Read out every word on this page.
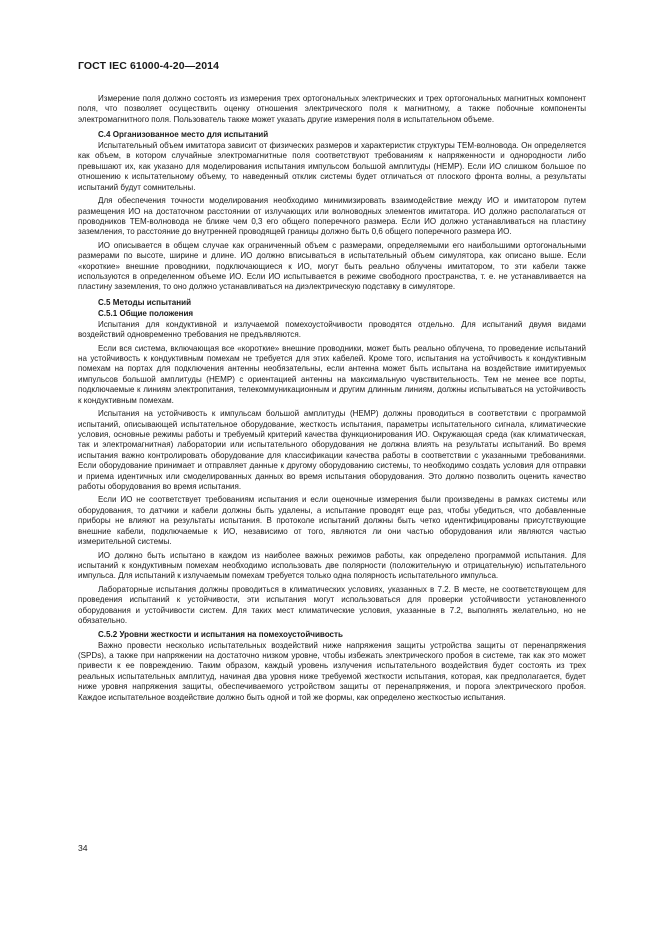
ГОСТ IEC 61000-4-20—2014

Измерение поля должно состоять из измерения трех ортогональных электрических и трех ортогональных магнитных компонент поля, что позволяет осуществить оценку отношения электрического поля к магнитному, а также побочные компоненты электромагнитного поля. Пользователь также может указать другие измерения поля в испытательном объеме.

С.4 Организованное место для испытаний

Испытательный объем имитатора зависит от физических размеров и характеристик структуры ТЕМ-волновода. Он определяется как объем, в котором случайные электромагнитные поля соответствуют требованиям к напряженности и однородности либо превышают их, как указано для моделирования испытания импульсом большой амплитуды (HEMP). Если ИО слишком большое по отношению к испытательному объему, то наведенный отклик системы будет отличаться от плоского фронта волны, а результаты испытаний будут сомнительны.

Для обеспечения точности моделирования необходимо минимизировать взаимодействие между ИО и имитатором путем размещения ИО на достаточном расстоянии от излучающих или волноводных элементов имитатора. ИО должно располагаться от проводников ТЕМ-волновода не ближе чем 0,3 его общего поперечного размера. Если ИО должно устанавливаться на пластину заземления, то расстояние до внутренней проводящей границы должно быть 0,6 общего поперечного размера ИО.

ИО описывается в общем случае как ограниченный объем с размерами, определяемыми его наибольшими ортогональными размерами по высоте, ширине и длине. ИО должно вписываться в испытательный объем симулятора, как описано выше. Если «короткие» внешние проводники, подключающиеся к ИО, могут быть реально облучены имитатором, то эти кабели также используются в определенном объеме ИО. Если ИО испытывается в режиме свободного пространства, т. е. не устанавливается на пластину заземления, то оно должно устанавливаться на диэлектрическую подставку в симуляторе.

С.5 Методы испытаний
С.5.1 Общие положения

Испытания для кондуктивной и излучаемой помехоустойчивости проводятся отдельно. Для испытаний двумя видами воздействий одновременно требования не предъявляются.

Если вся система, включающая все «короткие» внешние проводники, может быть реально облучена, то проведение испытаний на устойчивость к кондуктивным помехам не требуется для этих кабелей. Кроме того, испытания на устойчивость к кондуктивным помехам на портах для подключения антенны необязательны, если антенна может быть испытана на воздействие имитируемых импульсов большой амплитуды (HEMP) с ориентацией антенны на максимальную чувствительность. Тем не менее все порты, подключаемые к линиям электропитания, телекоммуникационным и другим длинным линиям, должны испытываться на устойчивость к кондуктивным помехам.

Испытания на устойчивость к импульсам большой амплитуды (HEMP) должны проводиться в соответствии с программой испытаний, описывающей испытательное оборудование, жесткость испытания, параметры испытательного сигнала, климатические условия, основные режимы работы и требуемый критерий качества функционирования ИО. Окружающая среда (как климатическая, так и электромагнитная) лаборатории или испытательного оборудования не должна влиять на результаты испытаний. Во время испытания важно контролировать оборудование для классификации качества работы в соответствии с указанными требованиями. Если оборудование принимает и отправляет данные к другому оборудованию системы, то необходимо создать условия для отправки и приема идентичных или смоделированных данных во время испытания оборудования. Это должно позволить оценить качество работы оборудования во время испытания.

Если ИО не соответствует требованиям испытания и если оценочные измерения были произведены в рамках системы или оборудования, то датчики и кабели должны быть удалены, а испытание проводят еще раз, чтобы убедиться, что добавленные приборы не влияют на результаты испытания. В протоколе испытаний должны быть четко идентифицированы присутствующие внешние кабели, подключаемые к ИО, независимо от того, являются ли они частью оборудования или являются частью измерительной системы.

ИО должно быть испытано в каждом из наиболее важных режимов работы, как определено программой испытания. Для испытаний к кондуктивным помехам необходимо использовать две полярности (положительную и отрицательную) испытательного импульса. Для испытаний к излучаемым помехам требуется только одна полярность испытательного импульса.

Лабораторные испытания должны проводиться в климатических условиях, указанных в 7.2. В месте, не соответствующем для проведения испытаний к устойчивости, эти испытания могут использоваться для проверки устойчивости установленного оборудования и устойчивости систем. Для таких мест климатические условия, указанные в 7.2, выполнять желательно, но не обязательно.

С.5.2 Уровни жесткости и испытания на помехоустойчивость

Важно провести несколько испытательных воздействий ниже напряжения защиты устройства защиты от перенапряжения (SPDs), а также при напряжении на достаточно низком уровне, чтобы избежать электрического пробоя в системе, так как это может привести к ее повреждению. Таким образом, каждый уровень излучения испытательного воздействия будет состоять из трех реальных испытательных амплитуд, начиная два уровня ниже требуемой жесткости испытания, которая, как предполагается, будет ниже уровня напряжения защиты, обеспечиваемого устройством защиты от перенапряжения, и порога электрического пробоя. Каждое испытательное воздействие должно быть одной и той же формы, как определено жесткостью испытания.

34
